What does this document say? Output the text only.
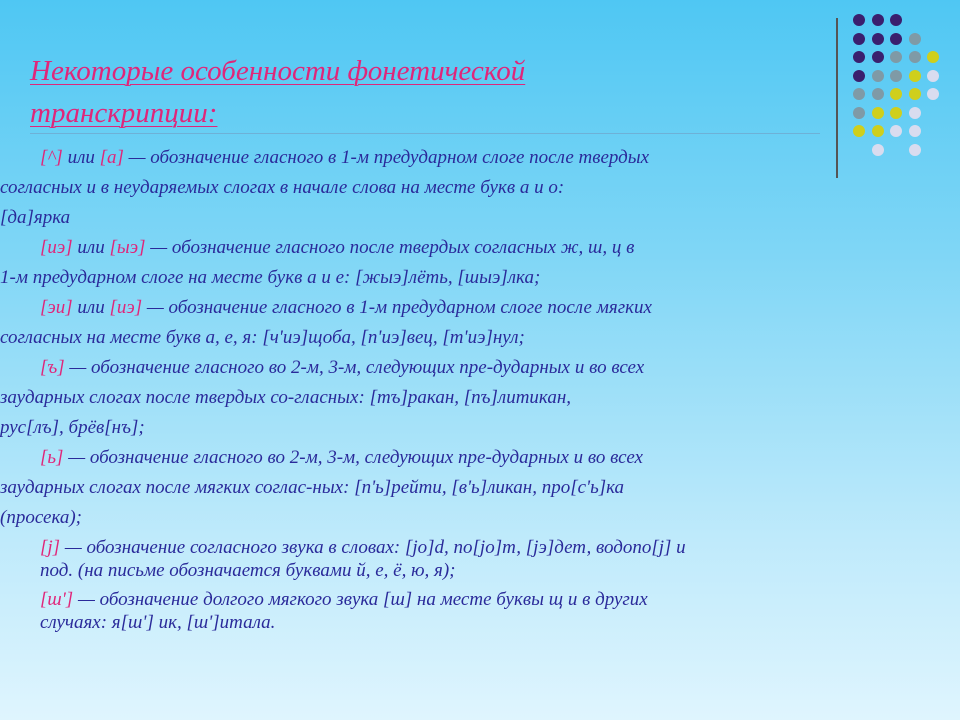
Некоторые особенности фонетической транскрипции:

[^] или [а] — обозначение гласного в 1-м предударном слоге после твердых

согласных и в неударяемых слогах в начале слова на месте букв а и о:

[да]ярка

[иэ] или [ыэ] — обозначение гласного после твердых согласных ж, ш, ц в

1-м предударном слоге на месте букв а и е: [жыэ]лёть, [шыэ]лка;

[эи] или [иэ] — обозначение гласного в 1-м предударном слоге после мягких

согласных на месте букв а, е, я: [ч'иэ]щоба, [п'иэ]вец, [т'иэ]нул;

[ъ] — обозначение гласного во 2-м, 3-м, следующих пре-дударных и во всех

заударных слогах после твердых со-гласных: [тъ]ракан, [пъ]литикан,

рус[лъ], брёв[нъ];

[ь] — обозначение гласного во 2-м, 3-м, следующих пре-дударных и во всех

заударных слогах после мягких соглас-ных: [п'ь]рейти, [в'ь]ликан, про[с'ь]ка

(просека);

[j] — обозначение согласного звука в словах: [jo]d, по[jo]т, [jэ]дет, водопо[j] и

под. (на письме обозначается буквами й, е, ё, ю, я);

[ш'] — обозначение долгого мягкого звука [ш] на месте буквы щ и в других

случаях: я[ш'] ик, [ш']итала.
